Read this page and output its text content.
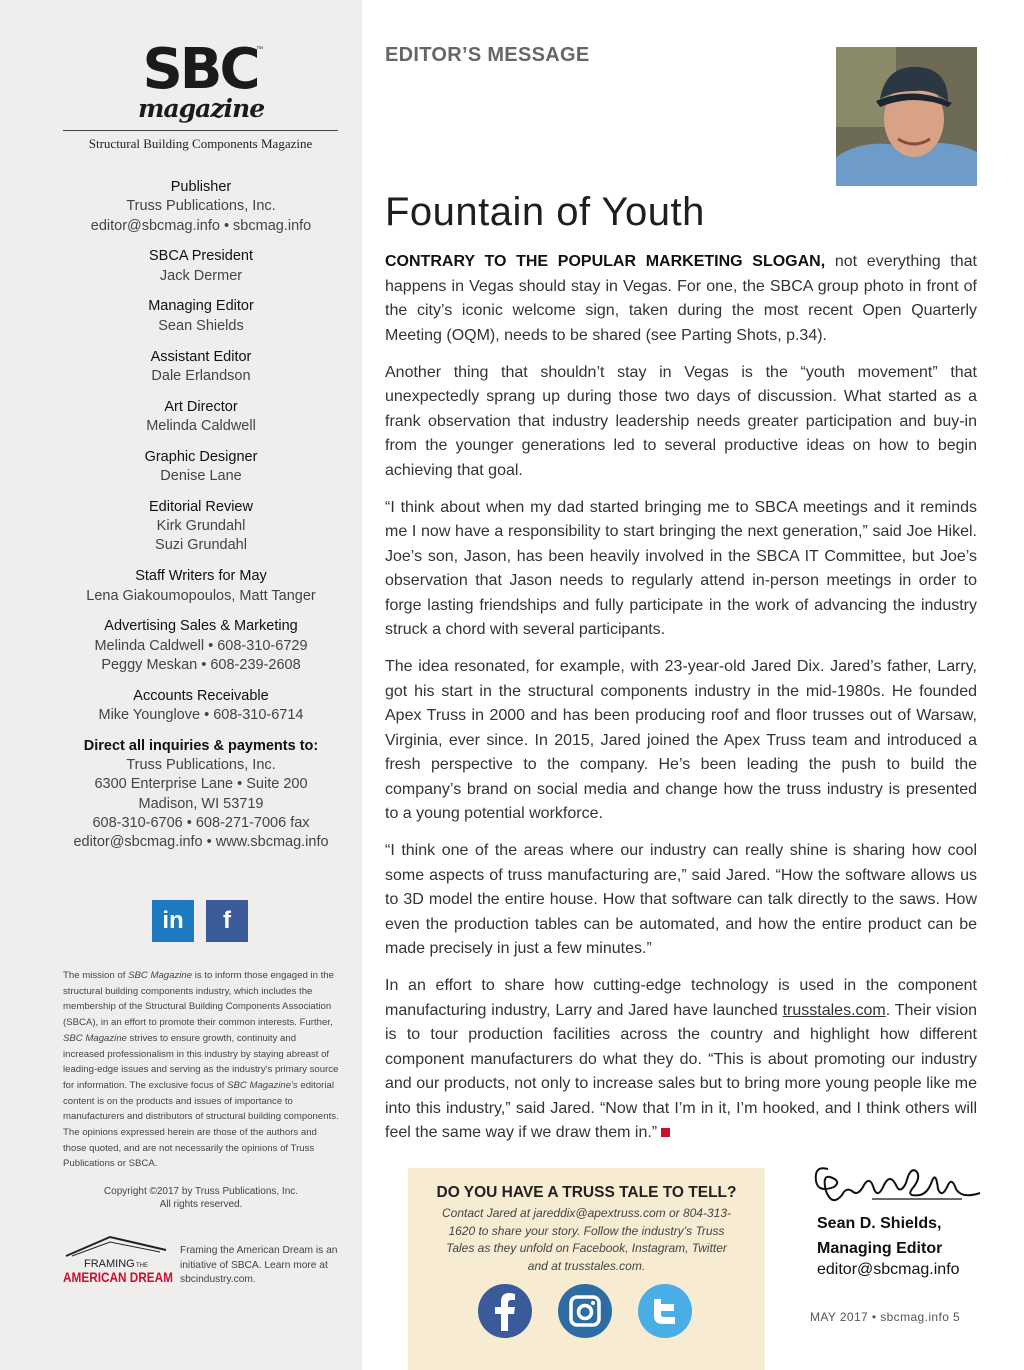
SBC
™
magazine
Structural Building Components Magazine
Publisher
Truss Publications, Inc.
editor@sbcmag.info • sbcmag.info
SBCA President
Jack Dermer
Managing Editor
Sean Shields
Assistant Editor
Dale Erlandson
Art Director
Melinda Caldwell
Graphic Designer
Denise Lane
Editorial Review
Kirk Grundahl
Suzi Grundahl
Staff Writers for May
Lena Giakoumopoulos, Matt Tanger
Advertising Sales & Marketing
Melinda Caldwell • 608-310-6729
Peggy Meskan • 608-239-2608
Accounts Receivable
Mike Younglove • 608-310-6714
Direct all inquiries & payments to:
Truss Publications, Inc.
6300 Enterprise Lane • Suite 200
Madison, WI 53719
608-310-6706 • 608-271-7006 fax
editor@sbcmag.info • www.sbcmag.info
in	f
The mission of SBC Magazine is to inform those engaged in the structural building components industry, which includes the membership of the Structural Building Components Association (SBCA), in an effort to promote their common interests. Further, SBC Magazine strives to ensure growth, continuity and increased professionalism in this industry by staying abreast of leading-edge issues and serving as the industry's primary source for information. The exclusive focus of SBC Magazine's editorial content is on the products and issues of importance to manufacturers and distributors of structural building components. The opinions expressed herein are those of the authors and those quoted, and are not necessarily the opinions of Truss Publications or SBCA.
Copyright ©2017 by Truss Publications, Inc.
All rights reserved.
FRAMING THE
AMERICAN DREAM
Framing the American Dream is an initiative of SBCA. Learn more at sbcindustry.com.
EDITOR’S MESSAGE
Fountain of Youth

CONTRARY TO THE POPULAR MARKETING SLOGAN, not everything that happens in Vegas should stay in Vegas. For one, the SBCA group photo in front of the city’s iconic welcome sign, taken during the most recent Open Quarterly Meeting (OQM), needs to be shared (see Parting Shots, p.34).

Another thing that shouldn’t stay in Vegas is the “youth movement” that unexpectedly sprang up during those two days of discussion. What started as a frank observation that industry leadership needs greater participation and buy-in from the younger generations led to several productive ideas on how to begin achieving that goal.

“I think about when my dad started bringing me to SBCA meetings and it reminds me I now have a responsibility to start bringing the next generation,” said Joe Hikel. Joe’s son, Jason, has been heavily involved in the SBCA IT Committee, but Joe’s observation that Jason needs to regularly attend in-person meetings in order to forge lasting friendships and fully participate in the work of advancing the industry struck a chord with several participants.

The idea resonated, for example, with 23-year-old Jared Dix. Jared’s father, Larry, got his start in the structural components industry in the mid-1980s. He founded Apex Truss in 2000 and has been producing roof and floor trusses out of Warsaw, Virginia, ever since. In 2015, Jared joined the Apex Truss team and introduced a fresh perspective to the company. He’s been leading the push to build the company’s brand on social media and change how the truss industry is presented to a young potential workforce.

“I think one of the areas where our industry can really shine is sharing how cool some aspects of truss manufacturing are,” said Jared. “How the software allows us to 3D model the entire house. How that software can talk directly to the saws. How even the production tables can be automated, and how the entire product can be made precisely in just a few minutes.”

In an effort to share how cutting-edge technology is used in the component manufacturing industry, Larry and Jared have launched trusstales.com. Their vision is to tour production facilities across the country and highlight how different component manufacturers do what they do. “This is about promoting our industry and our products, not only to increase sales but to bring more young people like me into this industry,” said Jared. “Now that I’m in it, I’m hooked, and I think others will feel the same way if we draw them in.”

DO YOU HAVE A TRUSS TALE TO TELL?
Contact Jared at jareddix@apextruss.com or 804-313-1620 to share your story. Follow the industry’s Truss Tales as they unfold on Facebook, Instagram, Twitter and at trusstales.com.
Sean D. Shields,
Managing Editor
editor@sbcmag.info
MAY 2017 • sbcmag.info 5
